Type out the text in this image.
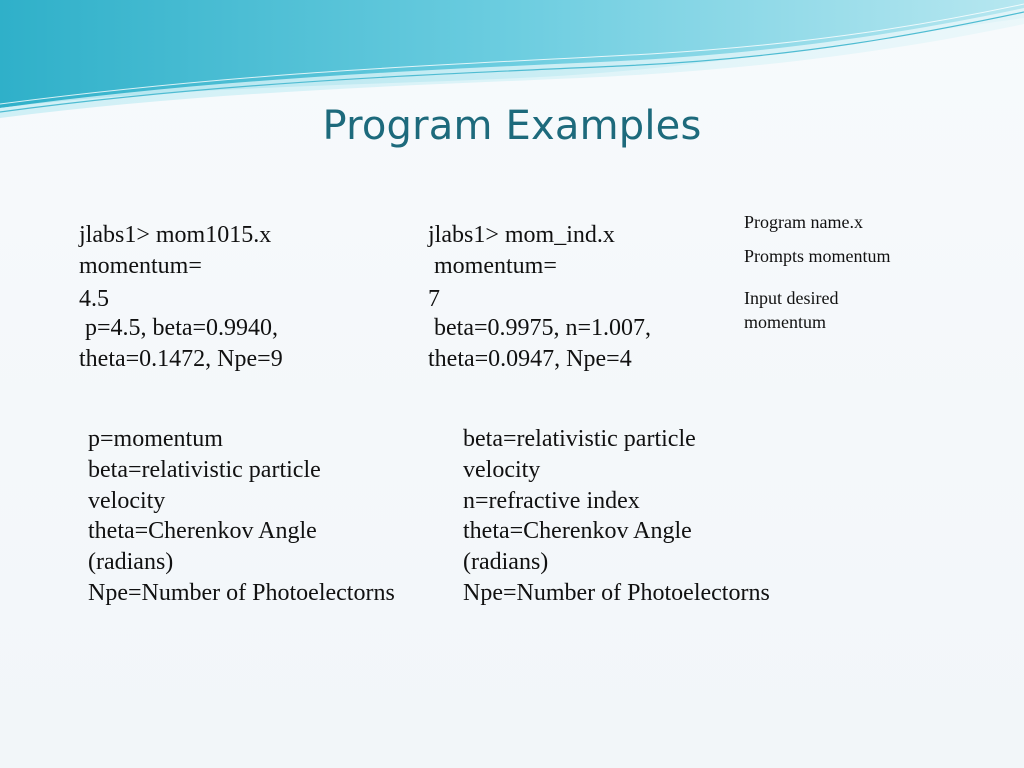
Program Examples
jlabs1> mom1015.x
momentum=
4.5
p=4.5, beta=0.9940,
theta=0.1472, Npe=9
jlabs1> mom_ind.x
momentum=
7
beta=0.9975, n=1.007,
theta=0.0947, Npe=4
Program name.x
Prompts momentum
Input desired
momentum
p=momentum
beta=relativistic particle
velocity
theta=Cherenkov Angle
(radians)
Npe=Number of Photoelectorns
beta=relativistic particle
velocity
n=refractive index
theta=Cherenkov Angle
(radians)
Npe=Number of Photoelectorns
